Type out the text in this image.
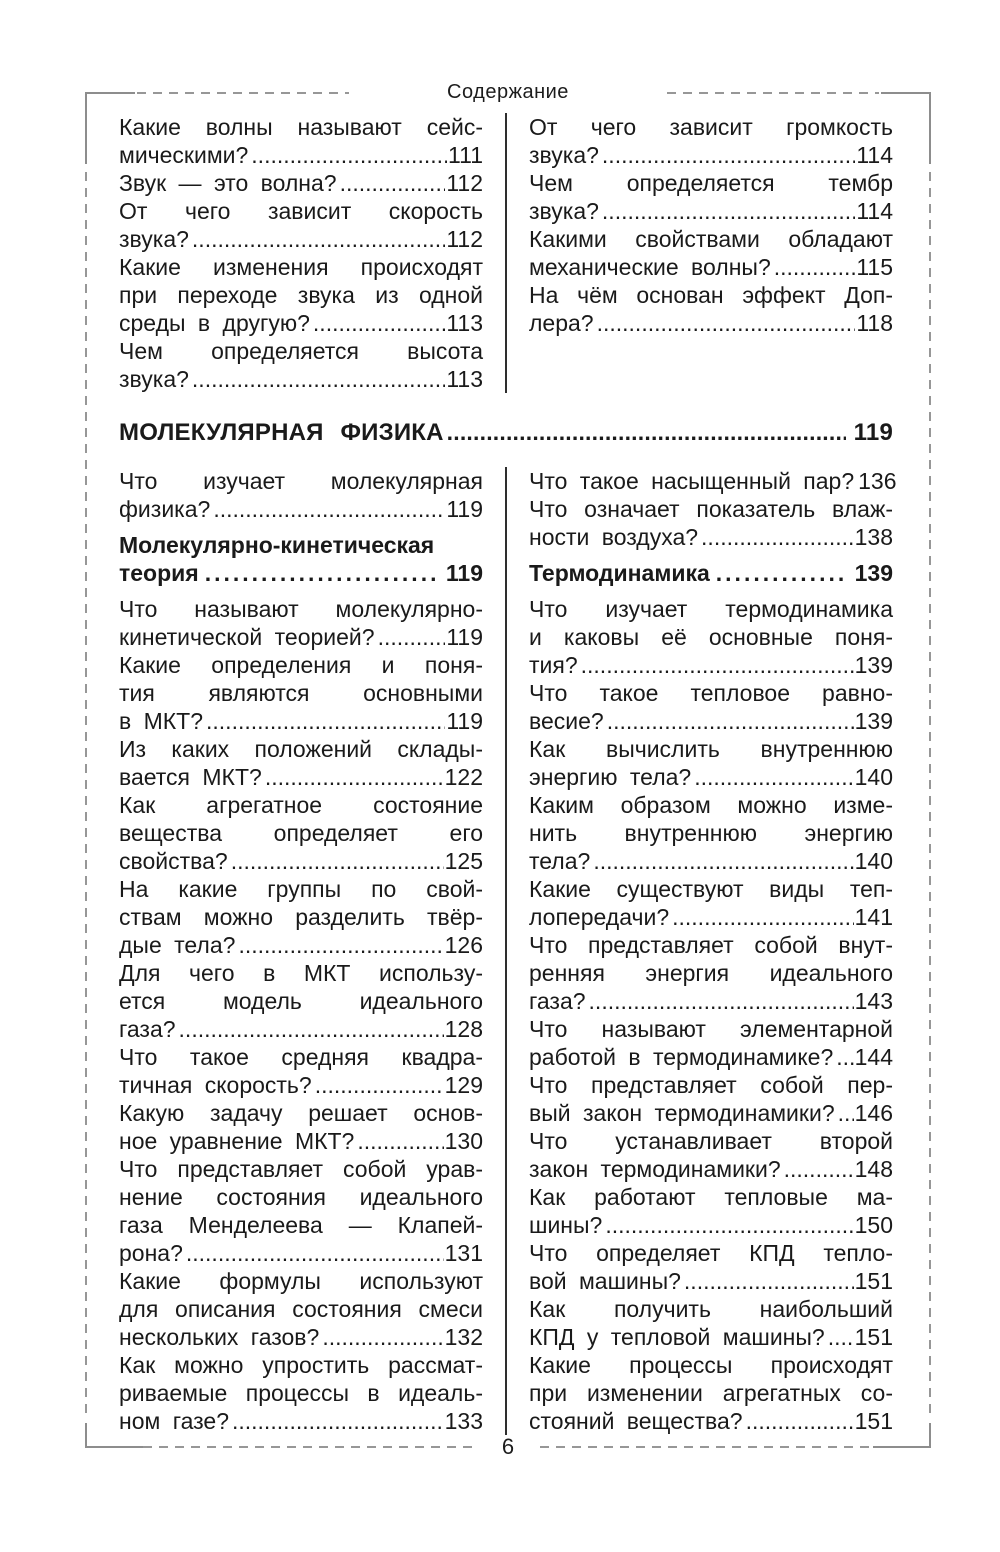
Содержание
Какие волны называют сейс-
мическими? .....	111
Звук — это волна? .....	112
От чего зависит скорость
звука? .....	112
Какие изменения происходят
при переходе звука из одной
среды в другую? .....	113
Чем определяется высота
звука? .....	113
От чего зависит громкость
звука? .....	114
Чем определяется тембр
звука? .....	114
Какими свойствами обладают
механические волны? .....	115
На чём основан эффект Доп-
лера? .....	118
МОЛЕКУЛЯРНАЯ ФИЗИКА .....	119
Что изучает молекулярная
физика? .....	119
Молекулярно-кинетическая
теория .....	119
Что называют молекулярно-
кинетической теорией? .....	119
Какие определения и поня-
тия являются основными
в МКТ? .....	119
Из каких положений склады-
вается МКТ? .....	122
Как агрегатное состояние
вещества определяет его
свойства? .....	125
На какие группы по свой-
ствам можно разделить твёр-
дые тела? .....	126
Для чего в МКТ использу-
ется модель идеального
газа? .....	128
Что такое средняя квадра-
тичная скорость? .....	129
Какую задачу решает основ-
ное уравнение МКТ? .....	130
Что представляет собой урав-
нение состояния идеального
газа Менделеева — Клапей-
рона? .....	131
Какие формулы используют
для описания состояния смеси
нескольких газов? .....	132
Как можно упростить рассмат-
риваемые процессы в идеаль-
ном газе? .....	133
Что такое насыщенный пар? 136
Что означает показатель влаж-
ности воздуха? .....	138
Термодинамика .....	139
Что изучает термодинамика
и каковы её основные поня-
тия? .....	139
Что такое тепловое равно-
весие? .....	139
Как вычислить внутреннюю
энергию тела? .....	140
Каким образом можно изме-
нить внутреннюю энергию
тела? .....	140
Какие существуют виды теп-
лопередачи? .....	141
Что представляет собой внут-
ренняя энергия идеального
газа? .....	143
Что называют элементарной
работой в термодинамике? ..... 144
Что представляет собой пер-
вый закон термодинамики? ..... 146
Что устанавливает второй
закон термодинамики? .....	148
Как работают тепловые ма-
шины? .....	150
Что определяет КПД тепло-
вой машины? .....	151
Как получить наибольший
КПД у тепловой машины? ..... 151
Какие процессы происходят
при изменении агрегатных со-
стояний вещества? .....	151
6
